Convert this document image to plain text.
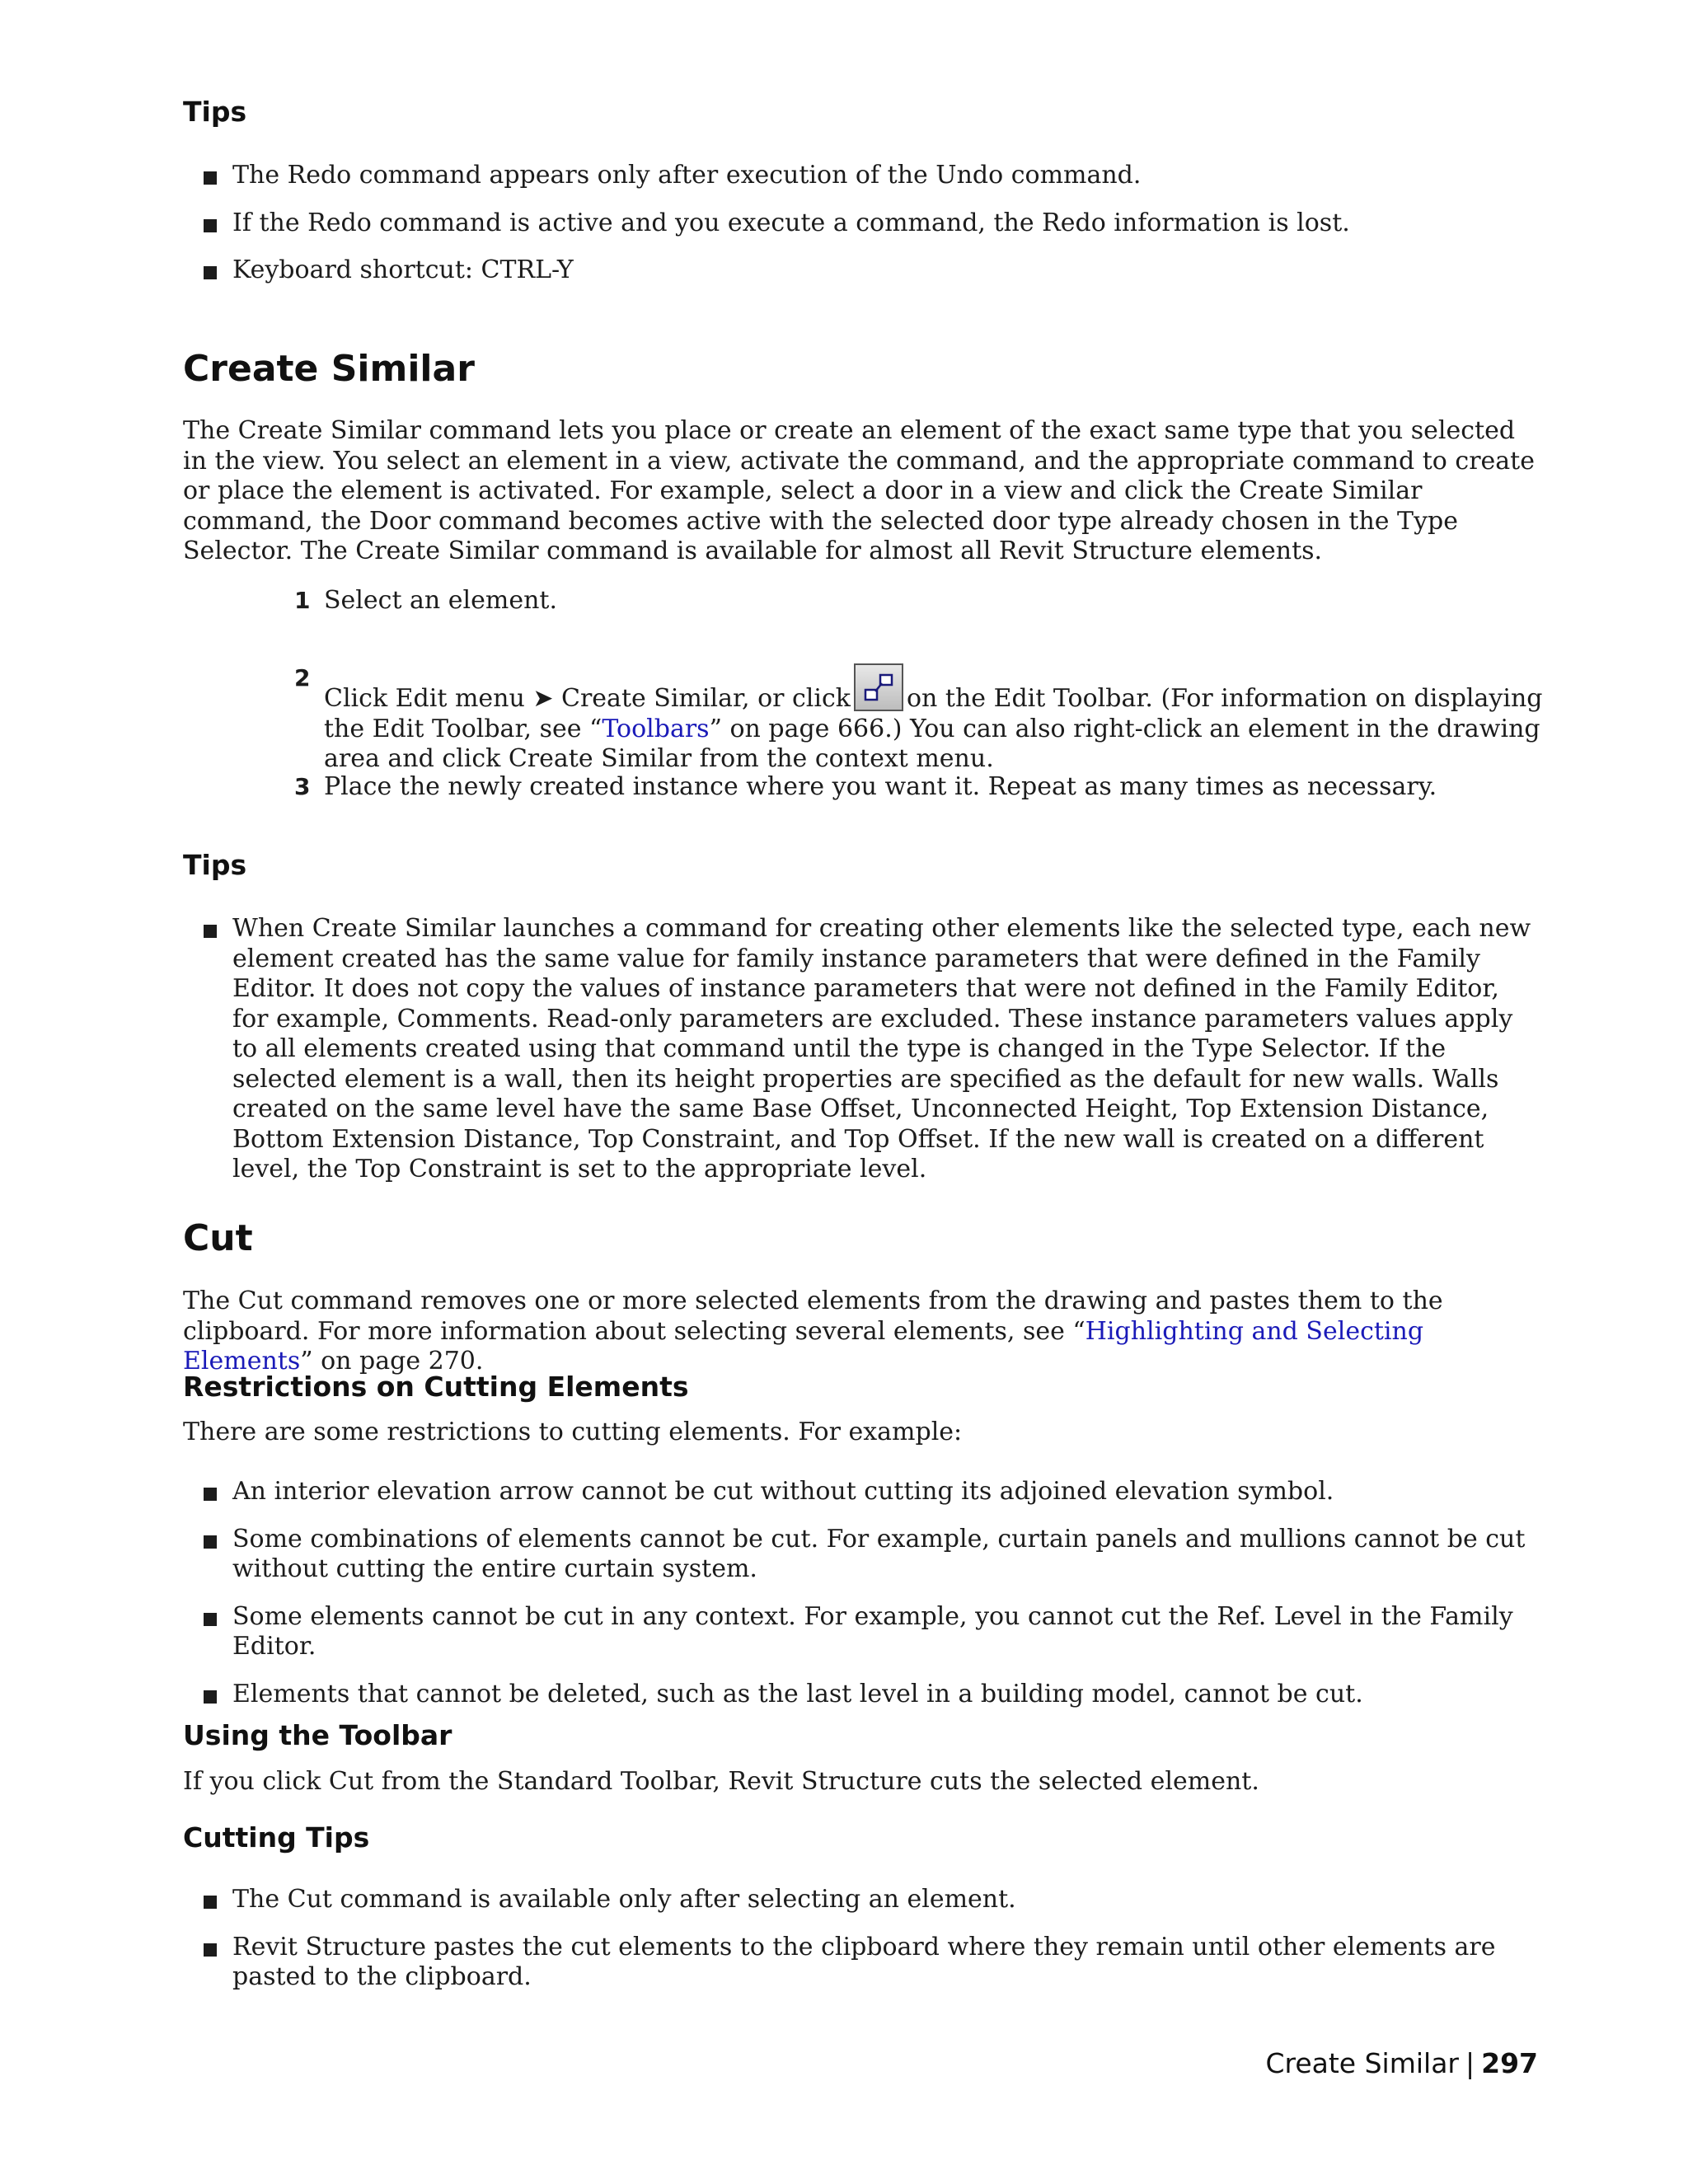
Tips
The Redo command appears only after execution of the Undo command.
If the Redo command is active and you execute a command, the Redo information is lost.
Keyboard shortcut: CTRL-Y
Create Similar

The Create Similar command lets you place or create an element of the exact same type that you selected in the view. You select an element in a view, activate the command, and the appropriate command to create or place the element is activated. For example, select a door in a view and click the Create Similar command, the Door command becomes active with the selected door type already chosen in the Type Selector. The Create Similar command is available for almost all Revit Structure elements.

1 Select an element.
2
Click Edit menu ➤ Create Similar, or click on the Edit Toolbar. (For information on displaying the Edit Toolbar, see “Toolbars” on page 666.) You can also right-click an element in the drawing area and click Create Similar from the context menu.
3 Place the newly created instance where you want it. Repeat as many times as necessary.
Tips
When Create Similar launches a command for creating other elements like the selected type, each new element created has the same value for family instance parameters that were defined in the Family Editor. It does not copy the values of instance parameters that were not defined in the Family Editor, for example, Comments. Read-only parameters are excluded. These instance parameters values apply to all elements created using that command until the type is changed in the Type Selector. If the selected element is a wall, then its height properties are specified as the default for new walls. Walls created on the same level have the same Base Offset, Unconnected Height, Top Extension Distance, Bottom Extension Distance, Top Constraint, and Top Offset. If the new wall is created on a different level, the Top Constraint is set to the appropriate level.
Cut

The Cut command removes one or more selected elements from the drawing and pastes them to the clipboard. For more information about selecting several elements, see “Highlighting and Selecting Elements” on page 270.

Restrictions on Cutting Elements

There are some restrictions to cutting elements. For example:

An interior elevation arrow cannot be cut without cutting its adjoined elevation symbol.
Some combinations of elements cannot be cut. For example, curtain panels and mullions cannot be cut without cutting the entire curtain system.
Some elements cannot be cut in any context. For example, you cannot cut the Ref. Level in the Family Editor.
Elements that cannot be deleted, such as the last level in a building model, cannot be cut.
Using the Toolbar

If you click Cut from the Standard Toolbar, Revit Structure cuts the selected element.

Cutting Tips
The Cut command is available only after selecting an element.
Revit Structure pastes the cut elements to the clipboard where they remain until other elements are pasted to the clipboard.
Create Similar | 297
